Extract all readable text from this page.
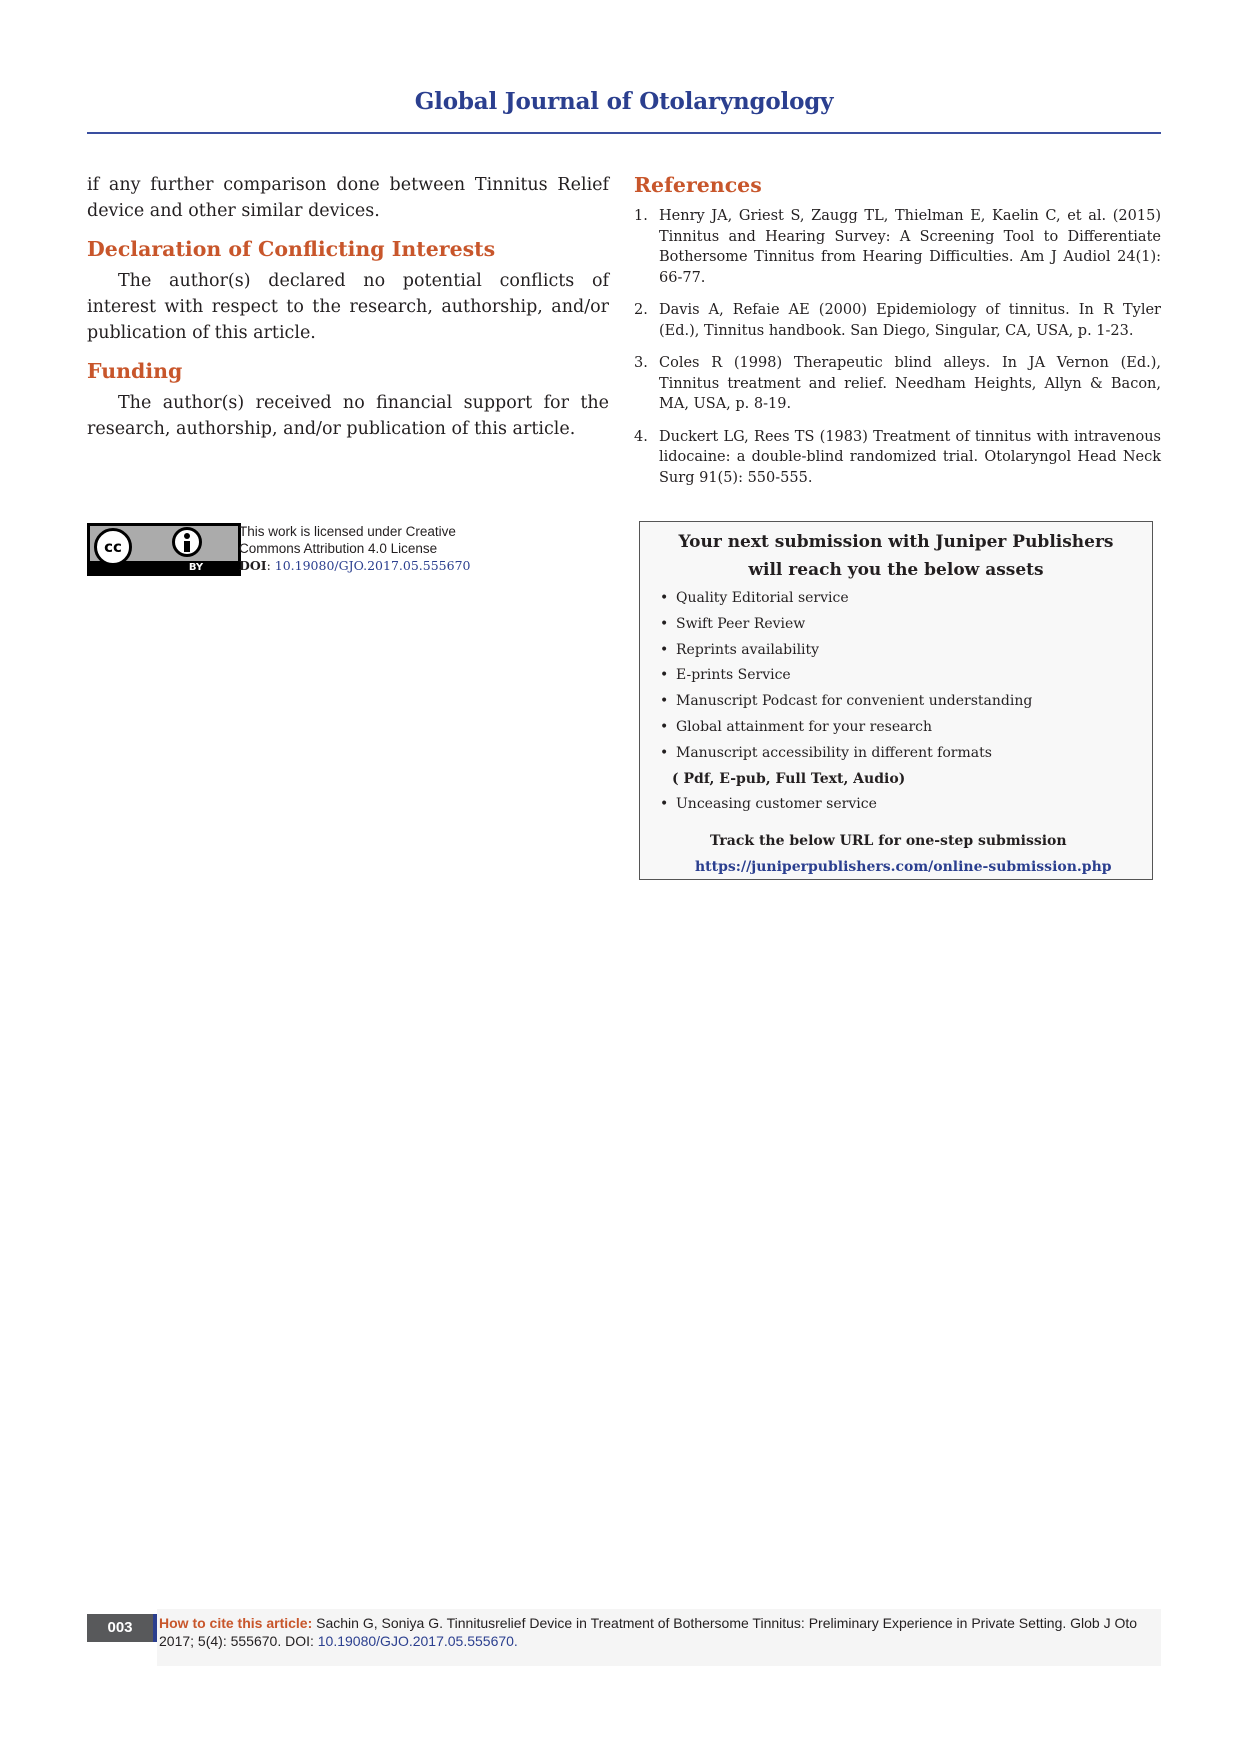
Global Journal of Otolaryngology

if any further comparison done between Tinnitus Relief device and other similar devices.

Declaration of Conflicting Interests

The author(s) declared no potential conflicts of interest with respect to the research, authorship, and/or publication of this article.

Funding

The author(s) received no financial support for the research, authorship, and/or publication of this article.

References
1. Henry JA, Griest S, Zaugg TL, Thielman E, Kaelin C, et al. (2015) Tinnitus and Hearing Survey: A Screening Tool to Differentiate Bothersome Tinnitus from Hearing Difficulties. Am J Audiol 24(1): 66-77.
2. Davis A, Refaie AE (2000) Epidemiology of tinnitus. In R Tyler (Ed.), Tinnitus handbook. San Diego, Singular, CA, USA, p. 1-23.
3. Coles R (1998) Therapeutic blind alleys. In JA Vernon (Ed.), Tinnitus treatment and relief. Needham Heights, Allyn & Bacon, MA, USA, p. 8-19.
4. Duckert LG, Rees TS (1983) Treatment of tinnitus with intravenous lidocaine: a double-blind randomized trial. Otolaryngol Head Neck Surg 91(5): 550-555.
cc
BY
This work is licensed under Creative
Commons Attribution 4.0 License
DOI: 10.19080/GJO.2017.05.555670
Your next submission with Juniper Publishers
will reach you the below assets
• Quality Editorial service
• Swift Peer Review
• Reprints availability
• E-prints Service
• Manuscript Podcast for convenient understanding
• Global attainment for your research
• Manuscript accessibility in different formats
( Pdf, E-pub, Full Text, Audio)
• Unceasing customer service
Track the below URL for one-step submission
https://juniperpublishers.com/online-submission.php
003	How to cite this article: Sachin G, Soniya G. Tinnitusrelief Device in Treatment of Bothersome Tinnitus: Preliminary Experience in Private Setting. Glob J Oto 2017; 5(4): 555670. DOI: 10.19080/GJO.2017.05.555670.
